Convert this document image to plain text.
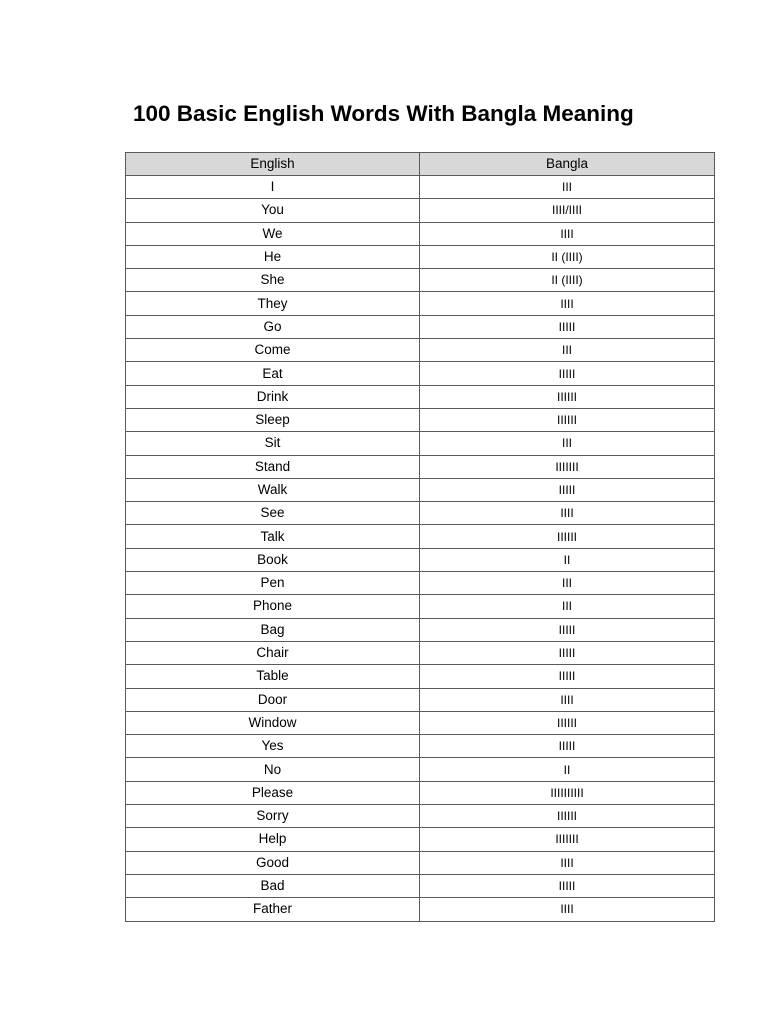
100 Basic English Words With Bangla Meaning
English	Bangla
I	III
You	IIII/IIII
We	IIII
He	II (IIII)
She	II (IIII)
They	IIII
Go	IIIII
Come	III
Eat	IIIII
Drink	IIIIII
Sleep	IIIIII
Sit	III
Stand	IIIIIII
Walk	IIIII
See	IIII
Talk	IIIIII
Book	II
Pen	III
Phone	III
Bag	IIIII
Chair	IIIII
Table	IIIII
Door	IIII
Window	IIIIII
Yes	IIIII
No	II
Please	IIIIIIIIII
Sorry	IIIIII
Help	IIIIIII
Good	IIII
Bad	IIIII
Father	IIII
